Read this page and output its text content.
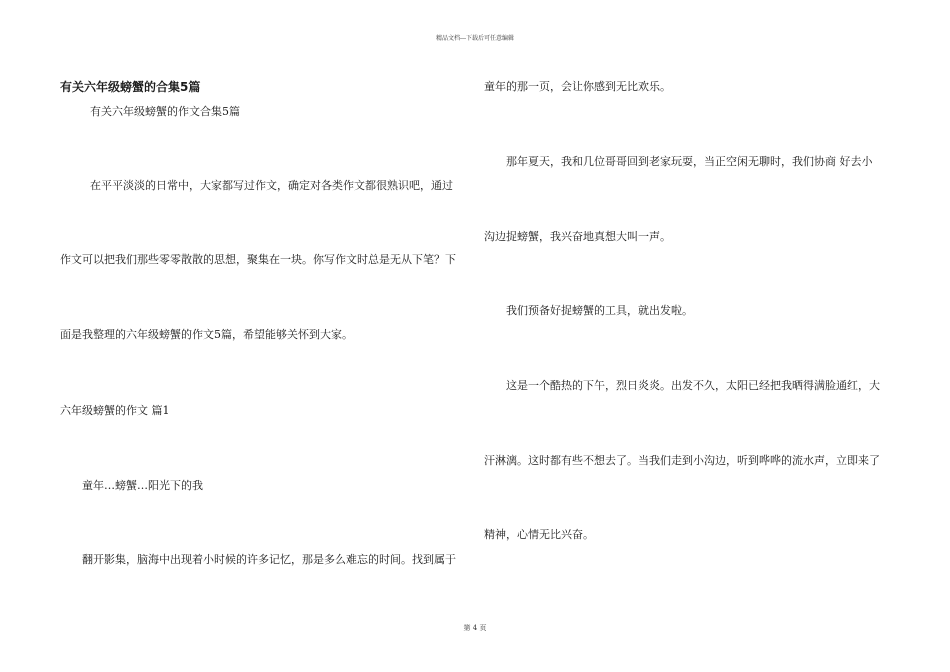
精品文档---下载后可任意编辑
有关六年级螃蟹的合集5篇
有关六年级螃蟹的作文合集5篇
在平平淡淡的日常中，大家都写过作文，确定对各类作文都很熟识吧，通过
作文可以把我们那些零零散散的思想，聚集在一块。你写作文时总是无从下笔？下
面是我整理的六年级螃蟹的作文5篇，希望能够关怀到大家。
六年级螃蟹的作文 篇1
童年…螃蟹…阳光下的我
翻开影集，脑海中出现着小时候的许多记忆，那是多么难忘的时间。找到属于
童年的那一页，会让你感到无比欢乐。
那年夏天，我和几位哥哥回到老家玩耍，当正空闲无聊时，我们协商 好去小
沟边捉螃蟹，我兴奋地真想大叫一声。
我们预备好捉螃蟹的工具，就出发啦。
这是一个酷热的下午，烈日炎炎。出发不久，太阳已经把我晒得满脸通红，大
汗淋漓。这时都有些不想去了。当我们走到小沟边，听到哗哗的流水声，立即来了
精神，心情无比兴奋。
第 4 页
